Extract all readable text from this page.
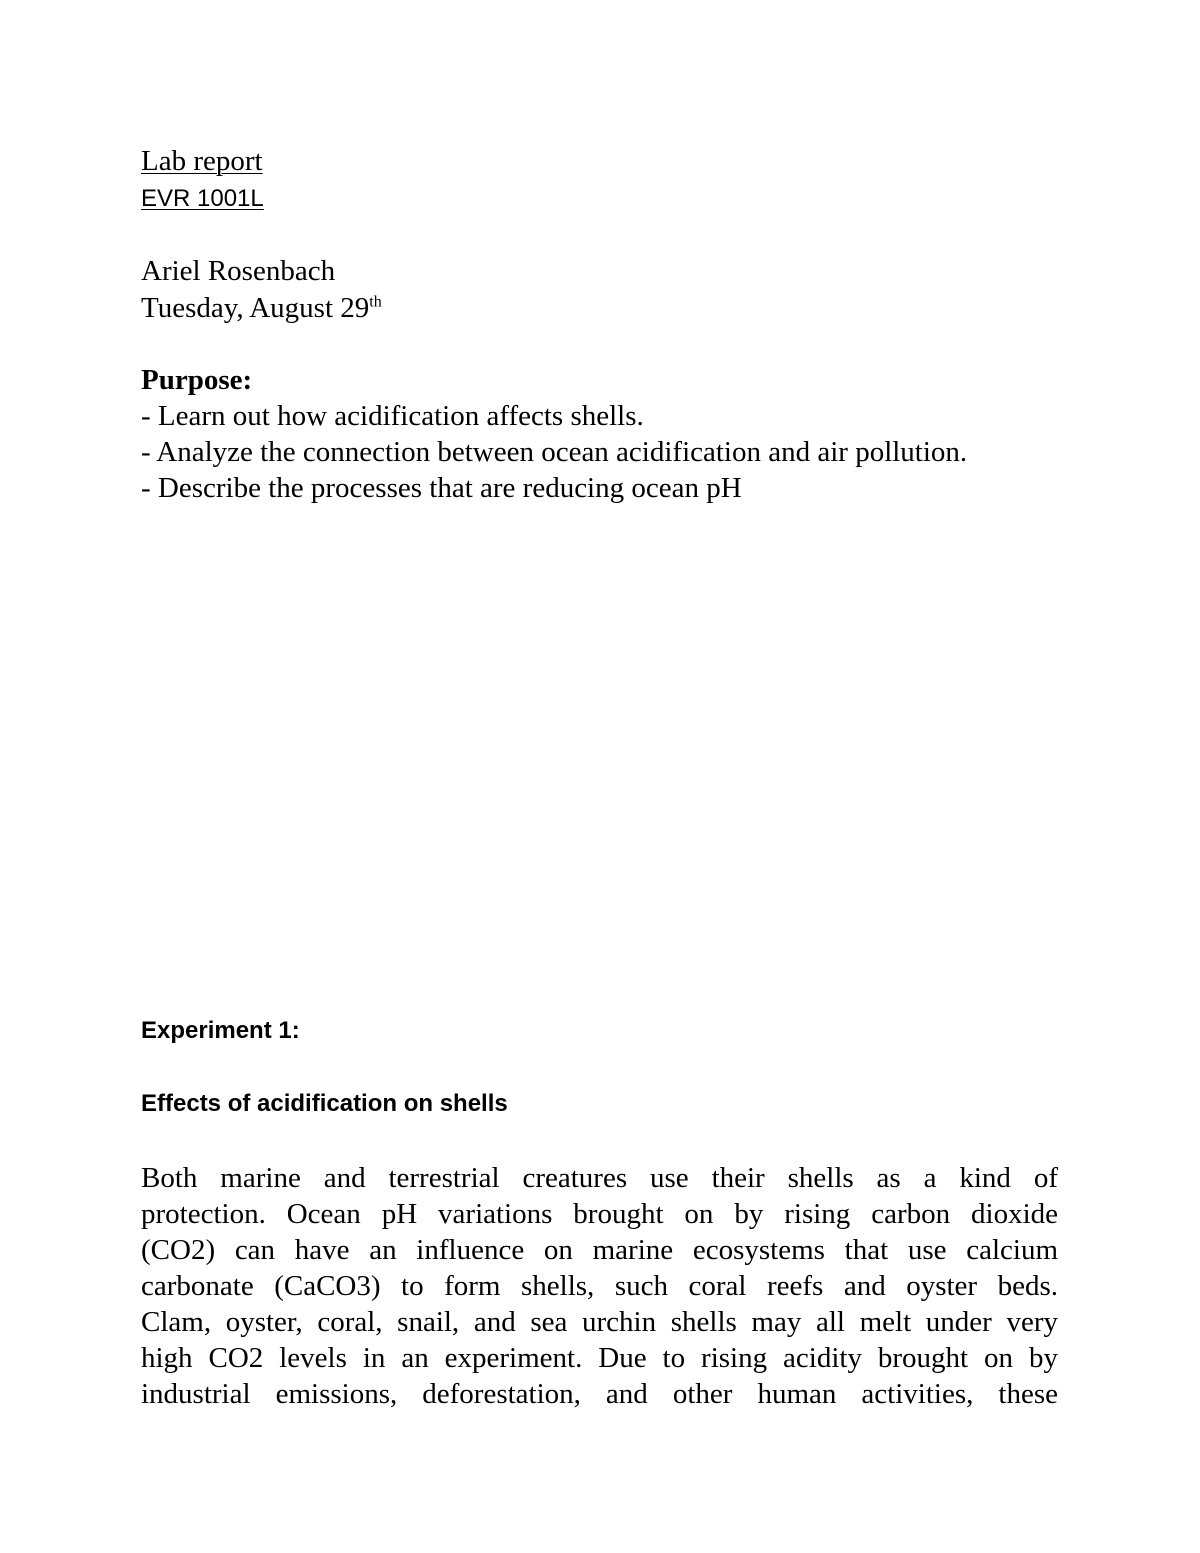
Lab report
EVR 1001L
Ariel Rosenbach
Tuesday, August 29th
Purpose:
- Learn out how acidification affects shells.
- Analyze the connection between ocean acidification and air pollution.
- Describe the processes that are reducing ocean pH
Experiment 1:
Effects of acidification on shells
Both marine and terrestrial creatures use their shells as a kind of
protection. Ocean pH variations brought on by rising carbon dioxide
(CO2) can have an influence on marine ecosystems that use calcium
carbonate (CaCO3) to form shells, such coral reefs and oyster beds.
Clam, oyster, coral, snail, and sea urchin shells may all melt under very
high CO2 levels in an experiment. Due to rising acidity brought on by
industrial emissions, deforestation, and other human activities, these
